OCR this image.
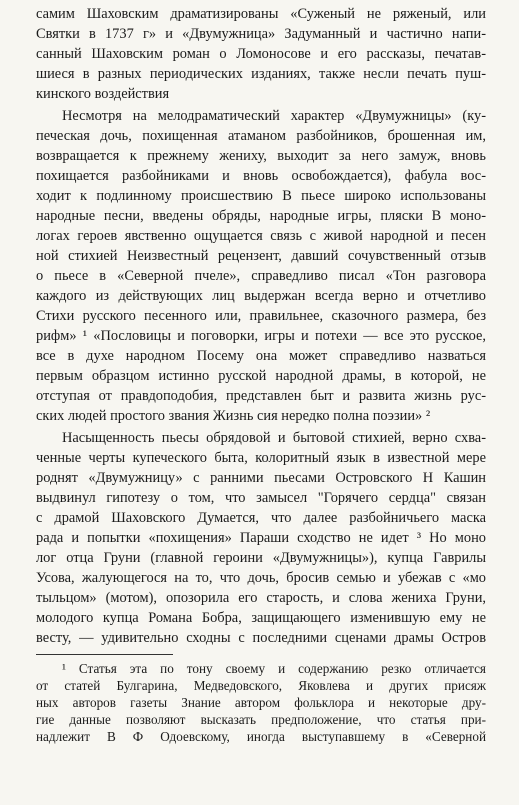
самим Шаховским драматизированы «Суженый не ряженый, или
Святки в 1737 г» и «Двумужница» Задуманный и частично напи-
санный Шаховским роман о Ломоносове и его рассказы, печатав-
шиеся в разных периодических изданиях, также несли печать пуш-
кинского воздействия
Несмотря на мелодраматический характер «Двумужницы» (ку-
печеская дочь, похищенная атаманом разбойников, брошенная им,
возвращается к прежнему жениху, выходит за него замуж, вновь
похищается разбойниками и вновь освобождается), фабула вос-
ходит к подлинному происшествию В пьесе широко использованы
народные песни, введены обряды, народные игры, пляски В моно-
логах героев явственно ощущается связь с живой народной и песен
ной стихией Неизвестный рецензент, давший сочувственный отзыв
о пьесе в «Северной пчеле», справедливо писал «Тон разговора
каждого из действующих лиц выдержан всегда верно и отчетливо
Стихи русского песенного или, правильнее, сказочного размера, без
рифм» ¹ «Пословицы и поговорки, игры и потехи — все это русское,
все в духе народном Посему она может справедливо назваться
первым образцом истинно русской народной драмы, в которой, не
отступая от правдоподобия, представлен быт и развита жизнь рус-
ских людей простого звания Жизнь сия нередко полна поэзии» ²
Насыщенность пьесы обрядовой и бытовой стихией, верно схва-
ченные черты купеческого быта, колоритный язык в известной мере
роднят «Двумужницу» с ранними пьесами Островского Н Кашин
выдвинул гипотезу о том, что замысел "Горячего сердца" связан
с драмой Шаховского Думается, что далее разбойничьего маска
рада и попытки «похищения» Параши сходство не идет ³ Но моно
лог отца Груни (главной героини «Двумужницы»), купца Гаврилы
Усова, жалующегося на то, что дочь, бросив семью и убежав с «мо
тыльцом» (мотом), опозорила его старость, и слова жениха Груни,
молодого купца Романа Бобра, защищающего изменившую ему не
весту, — удивительно сходны с последними сценами драмы Остров
¹ Статья эта по тону своему и содержанию резко отличается
от статей Булгарина, Медведовского, Яковлева и других присяж
ных авторов газеты Знание автором фольклора и некоторые дру-
гие данные позволяют высказать предположение, что статья при-
надлежит В Ф Одоевскому, иногда выступавшему в «Северной
